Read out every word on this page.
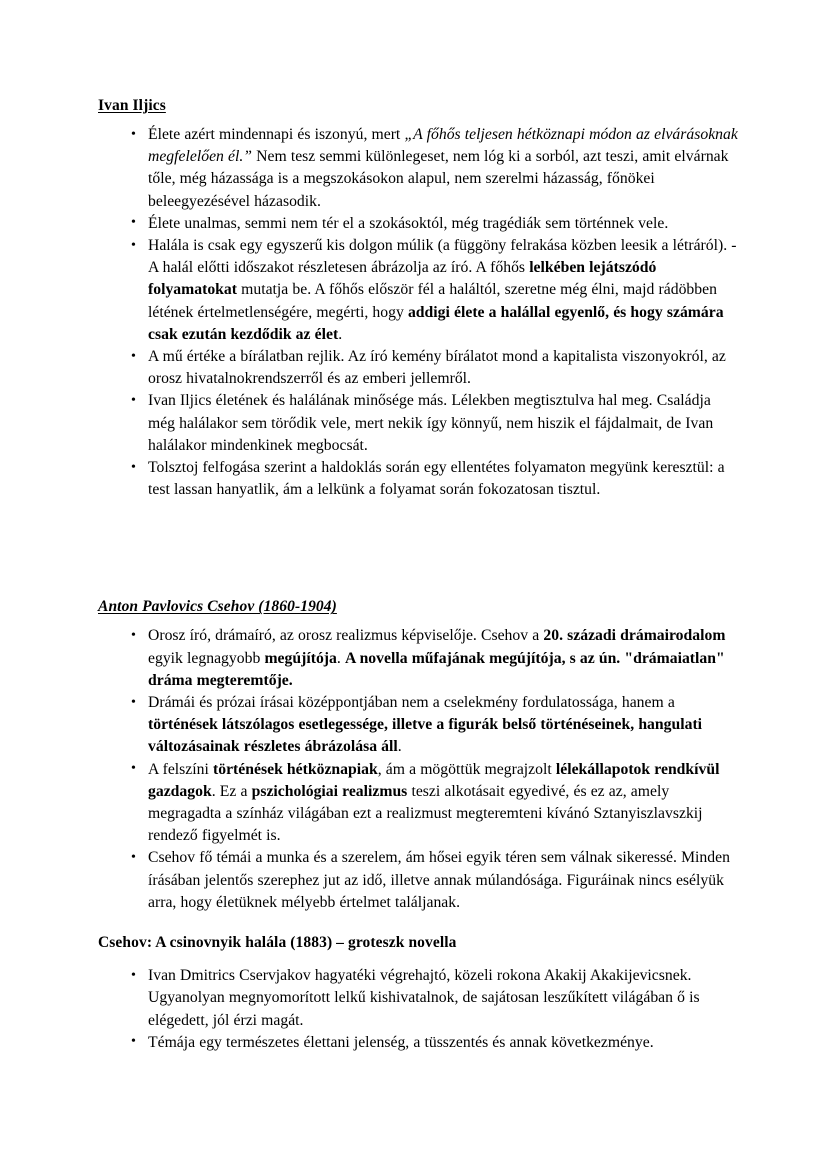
Ivan Iljics
• Élete azért mindennapi és iszonyú, mert „A főhős teljesen hétköznapi módon az elvárásoknak megfelelően él.” Nem tesz semmi különlegeset, nem lóg ki a sorból, azt teszi, amit elvárnak tőle, még házassága is a megszokásokon alapul, nem szerelmi házasság, főnökei beleegyezésével házasodik.
• Élete unalmas, semmi nem tér el a szokásoktól, még tragédiák sem történnek vele.
• Halála is csak egy egyszerű kis dolgon múlik (a függöny felrakása közben leesik a létráról). - A halál előtti időszakot részletesen ábrázolja az író. A főhős lelkében lejátszódó folyamatokat mutatja be. A főhős először fél a haláltól, szeretne még élni, majd rádöbben létének értelmetlenségére, megérti, hogy addigi élete a halállal egyenlő, és hogy számára csak ezután kezdődik az élet.
• A mű értéke a bírálatban rejlik. Az író kemény bírálatot mond a kapitalista viszonyokról, az orosz hivatalnokrendszerről és az emberi jellemről.
• Ivan Iljics életének és halálának minősége más. Lélekben megtisztulva hal meg. Családja még halálakor sem törődik vele, mert nekik így könnyű, nem hiszik el fájdalmait, de Ivan halálakor mindenkinek megbocsát.
• Tolsztoj felfogása szerint a haldoklás során egy ellentétes folyamaton megyünk keresztül: a test lassan hanyatlik, ám a lelkünk a folyamat során fokozatosan tisztul.
Anton Pavlovics Csehov (1860-1904)
• Orosz író, drámaíró, az orosz realizmus képviselője. Csehov a 20. századi drámairodalom egyik legnagyobb megújítója. A novella műfajának megújítója, s az ún. "drámaiatlan" dráma megteremtője.
• Drámái és prózai írásai középpontjában nem a cselekmény fordulatossága, hanem a történések látszólagos esetlegessége, illetve a figurák belső történéseinek, hangulati változásainak részletes ábrázolása áll.
• A felszíni történések hétköznapiak, ám a mögöttük megrajzolt lélekállapotok rendkívül gazdagok. Ez a pszichológiai realizmus teszi alkotásait egyedivé, és ez az, amely megragadta a színház világában ezt a realizmust megteremteni kívánó Sztanyiszlavszkij rendező figyelmét is.
• Csehov fő témái a munka és a szerelem, ám hősei egyik téren sem válnak sikeressé. Minden írásában jelentős szerephez jut az idő, illetve annak múlandósága. Figuráinak nincs esélyük arra, hogy életüknek mélyebb értelmet találjanak.
Csehov: A csinovnyik halála (1883) – groteszk novella
• Ivan Dmitrics Cservjakov hagyatéki végrehajtó, közeli rokona Akakij Akakijevicsnek. Ugyanolyan megnyomorított lelkű kishivatalnok, de sajátosan leszűkített világában ő is elégedett, jól érzi magát.
• Témája egy természetes élettani jelenség, a tüsszentés és annak következménye.
